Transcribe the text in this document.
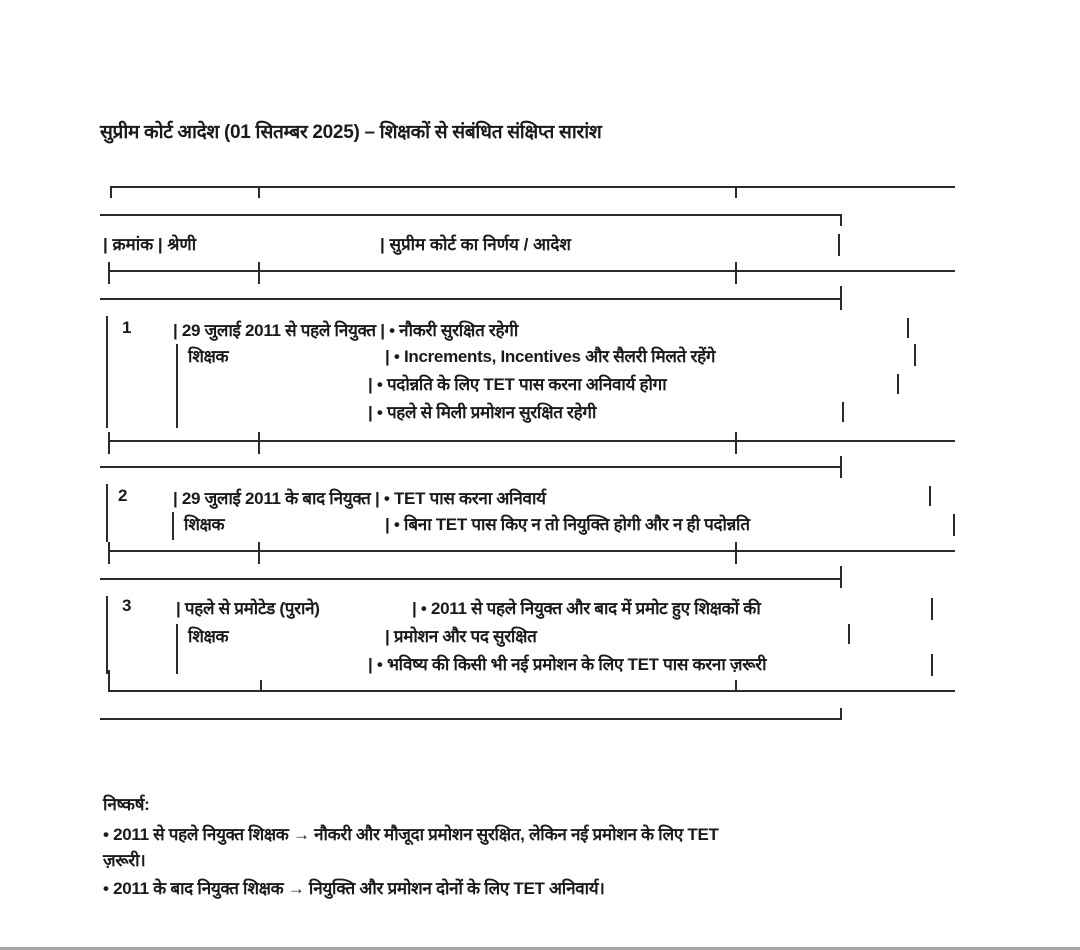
सुप्रीम कोर्ट आदेश (01 सितम्बर 2025) – शिक्षकों से संबंधित संक्षिप्त सारांश
| क्रमांक | श्रेणी	| सुप्रीम कोर्ट का निर्णय / आदेश
1 | 29 जुलाई 2011 से पहले नियुक्त | • नौकरी सुरक्षित रहेगी
शिक्षक	| • Increments, Incentives और सैलरी मिलते रहेंगे
| • पदोन्नति के लिए TET पास करना अनिवार्य होगा
| • पहले से मिली प्रमोशन सुरक्षित रहेगी
2	| 29 जुलाई 2011 के बाद नियुक्त | • TET पास करना अनिवार्य
शिक्षक	| • बिना TET पास किए न तो नियुक्ति होगी और न ही पदोन्नति
3	| पहले से प्रमोटेड (पुराने)
शिक्षक
| • 2011 से पहले नियुक्त और बाद में प्रमोट हुए शिक्षकों की
| प्रमोशन और पद सुरक्षित
| • भविष्य की किसी भी नई प्रमोशन के लिए TET पास करना ज़रूरी
निष्कर्ष:
• 2011 से पहले नियुक्त शिक्षक → नौकरी और मौजूदा प्रमोशन सुरक्षित, लेकिन नई प्रमोशन के लिए TET
ज़रूरी।
• 2011 के बाद नियुक्त शिक्षक → नियुक्ति और प्रमोशन दोनों के लिए TET अनिवार्य।
